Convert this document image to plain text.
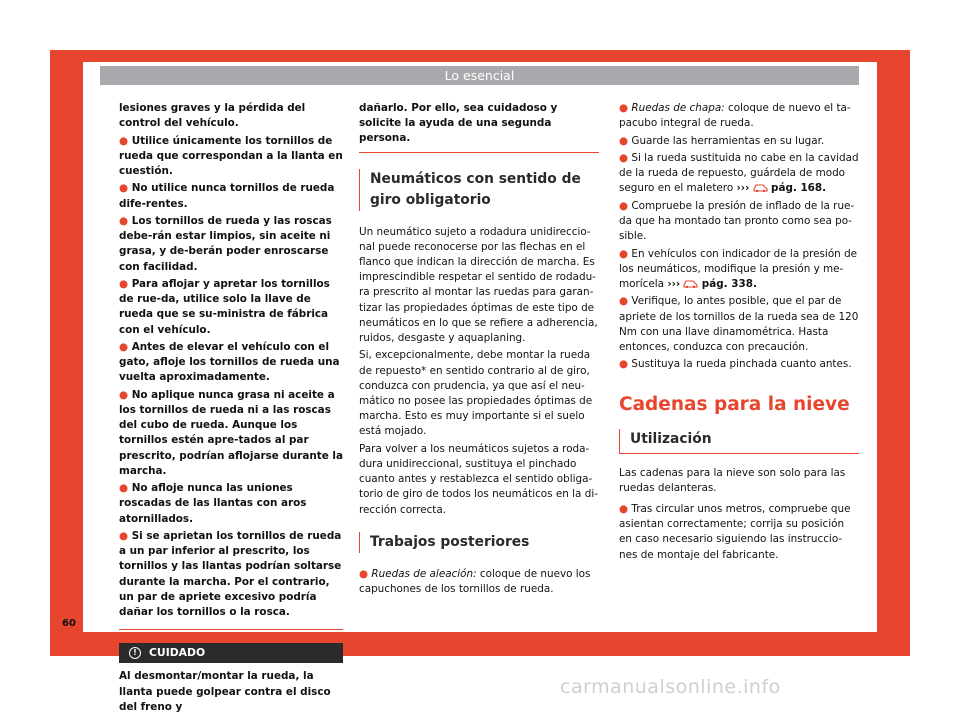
Lo esencial

lesiones graves y la pérdida del control del vehículo.

● Utilice únicamente los tornillos de rueda que correspondan a la llanta en cuestión.

● No utilice nunca tornillos de rueda dife-rentes.

● Los tornillos de rueda y las roscas debe-rán estar limpios, sin aceite ni grasa, y de-berán poder enroscarse con facilidad.

● Para aflojar y apretar los tornillos de rue-da, utilice solo la llave de rueda que se su-ministra de fábrica con el vehículo.

● Antes de elevar el vehículo con el gato, afloje los tornillos de rueda una vuelta aproximadamente.

● No aplique nunca grasa ni aceite a los tornillos de rueda ni a las roscas del cubo de rueda. Aunque los tornillos estén apre-tados al par prescrito, podrían aflojarse durante la marcha.

● No afloje nunca las uniones roscadas de las llantas con aros atornillados.

● Si se aprietan los tornillos de rueda a un par inferior al prescrito, los tornillos y las llantas podrían soltarse durante la marcha. Por el contrario, un par de apriete excesivo podría dañar los tornillos o la rosca.

! CUIDADO
Al desmontar/montar la rueda, la llanta puede golpear contra el disco del freno y
dañarlo. Por ello, sea cuidadoso y solicite la ayuda de una segunda persona.
Neumáticos con sentido de giro obligatorio

Un neumático sujeto a rodadura unidireccio-nal puede reconocerse por las flechas en el flanco que indican la dirección de marcha. Es imprescindible respetar el sentido de rodadu-ra prescrito al montar las ruedas para garan-tizar las propiedades óptimas de este tipo de neumáticos en lo que se refiere a adherencia, ruidos, desgaste y aquaplaning.

Si, excepcionalmente, debe montar la rueda de repuesto* en sentido contrario al de giro, conduzca con prudencia, ya que así el neu-mático no posee las propiedades óptimas de marcha. Esto es muy importante si el suelo está mojado.

Para volver a los neumáticos sujetos a roda-dura unidireccional, sustituya el pinchado cuanto antes y restablezca el sentido obliga-torio de giro de todos los neumáticos en la di-rección correcta.

Trabajos posteriores

● Ruedas de aleación: coloque de nuevo los capuchones de los tornillos de rueda.

● Ruedas de chapa: coloque de nuevo el ta-pacubo integral de rueda.

● Guarde las herramientas en su lugar.

● Si la rueda sustituida no cabe en la cavidad de la rueda de repuesto, guárdela de modo seguro en el maletero ››› pág. 168.

● Compruebe la presión de inflado de la rue-da que ha montado tan pronto como sea po-sible.

● En vehículos con indicador de la presión de los neumáticos, modifique la presión y me-morícela ››› pág. 338.

● Verifique, lo antes posible, que el par de apriete de los tornillos de la rueda sea de 120 Nm con una llave dinamométrica. Hasta entonces, conduzca con precaución.

● Sustituya la rueda pinchada cuanto antes.

Cadenas para la nieve
Utilización

Las cadenas para la nieve son solo para las ruedas delanteras.

● Tras circular unos metros, compruebe que asientan correctamente; corrija su posición en caso necesario siguiendo las instruccio-nes de montaje del fabricante.

60
carmanualsonline.info
